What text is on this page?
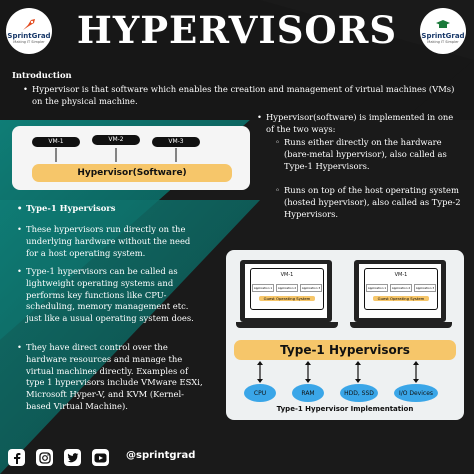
SprintGrad
Making IT Simpler
SprintGrad
Making IT Simpler
HYPERVISORS
Introduction
• Hypervisor is that software which enables the creation and management of virtual machines (VMs) on the physical machine.
VM-1	VM-2	VM-3
Hypervisor(Software)
• Hypervisor(software) is implemented in one of the two ways:
◦ Runs either directly on the hardware (bare-metal hypervisor), also called as Type-1 Hypervisors.
◦ Runs on top of the host operating system (hosted hypervisor), also called as Type-2 Hypervisors.
• Type-1 Hypervisors
• These hypervisors run directly on the underlying hardware without the need for a host operating system.
• Type-1 hypervisors can be called as lightweight operating systems and performs key functions like CPU-scheduling, memory management etc. just like a usual operating system does.
• They have direct control over the hardware resources and manage the virtual machines directly. Examples of type 1 hypervisors include VMware ESXi, Microsoft Hyper-V, and KVM (Kernel-based Virtual Machine).
VM-1
Application 1	Application 2	Application 3
Guest Operating System
VM-1
Application 1	Application 2	Application 3
Guest Operating System
Type-1 Hypervisors
CPU	RAM	HDD, SSD	I/O Devices
Type-1 Hypervisor Implementation
@sprintgrad
